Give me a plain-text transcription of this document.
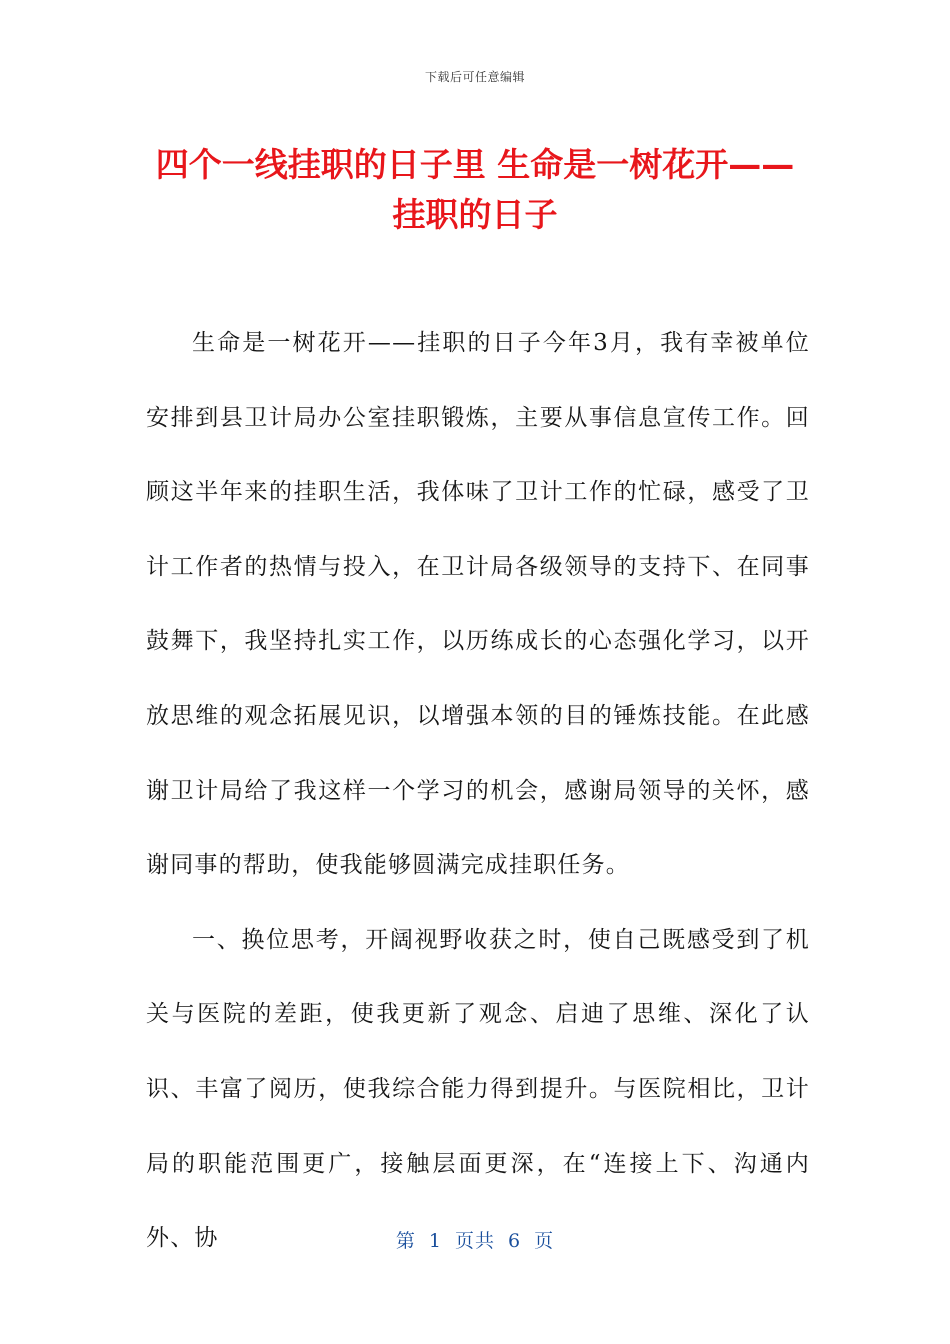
下载后可任意编辑
四个一线挂职的日子里 生命是一树花开——
挂职的日子

生命是一树花开——挂职的日子今年3月，我有幸被单位安排到县卫计局办公室挂职锻炼，主要从事信息宣传工作。回顾这半年来的挂职生活，我体味了卫计工作的忙碌，感受了卫计工作者的热情与投入，在卫计局各级领导的支持下、在同事鼓舞下，我坚持扎实工作，以历练成长的心态强化学习，以开放思维的观念拓展见识，以增强本领的目的锤炼技能。在此感谢卫计局给了我这样一个学习的机会，感谢局领导的关怀，感谢同事的帮助，使我能够圆满完成挂职任务。

一、换位思考，开阔视野收获之时，使自己既感受到了机关与医院的差距，使我更新了观念、启迪了思维、深化了认识、丰富了阅历，使我综合能力得到提升。与医院相比，卫计局的职能范围更广，接触层面更深，在“连接上下、沟通内外、协	第 1 页共 6 页
